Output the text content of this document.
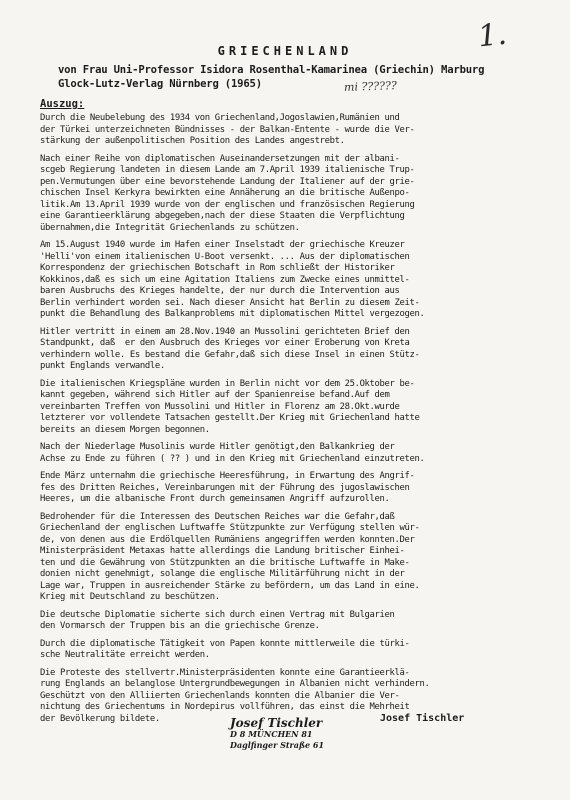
1.
GRIECHENLAND
von Frau Uni-Professor Isidora Rosenthal-Kamarinea (Griechin) Marburg
Glock-Lutz-Verlag Nürnberg (1965)	mi ??????
Auszug:

Durch die Neubelebung des 1934 von Griechenland,Jogoslawien,Rumänien und
der Türkei unterzeichneten Bündnisses - der Balkan-Entente - wurde die Ver-
stärkung der außenpolitischen Position des Landes angestrebt.

Nach einer Reihe von diplomatischen Auseinandersetzungen mit der albani-
scgeb Regierung landeten in diesem Lande am 7.April 1939 italienische Trup-
pen.Vermutungen über eine bevorstehende Landung der Italiener auf der grie-
chischen Insel Kerkyra bewirkten eine Annäherung an die britische Außenpo-
litik.Am 13.April 1939 wurde von der englischen und französischen Regierung
eine Garantieerklärung abgegeben,nach der diese Staaten die Verpflichtung
übernahmen,die Integrität Griechenlands zu schützen.

Am 15.August 1940 wurde im Hafen einer Inselstadt der griechische Kreuzer
'Helli'von einem italienischen U-Boot versenkt. ... Aus der diplomatischen
Korrespondenz der griechischen Botschaft in Rom schließt der Historiker
Kokkinos,daß es sich um eine Agitation Italiens zum Zwecke eines unmittel-
baren Ausbruchs des Krieges handelte, der nur durch die Intervention aus
Berlin verhindert worden sei. Nach dieser Ansicht hat Berlin zu diesem Zeit-
punkt die Behandlung des Balkanproblems mit diplomatischen Mittel vergezogen.

Hitler vertritt in einem am 28.Nov.1940 an Mussolini gerichteten Brief den
Standpunkt, daß  er den Ausbruch des Krieges vor einer Eroberung von Kreta
verhindern wolle. Es bestand die Gefahr,daß sich diese Insel in einen Stütz-
punkt Englands verwandle.

Die italienischen Kriegspläne wurden in Berlin nicht vor dem 25.Oktober be-
kannt gegeben, während sich Hitler auf der Spanienreise befand.Auf dem
vereinbarten Treffen von Mussolini und Hitler in Florenz am 28.Okt.wurde
letzterer vor vollendete Tatsachen gestellt.Der Krieg mit Griechenland hatte
bereits an diesem Morgen begonnen.

Nach der Niederlage Musolinis wurde Hitler genötigt,den Balkankrieg der
Achse zu Ende zu führen ( ?? ) und in den Krieg mit Griechenland einzutreten.

Ende März unternahm die griechische Heeresführung, in Erwartung des Angrif-
fes des Dritten Reiches, Vereinbarungen mit der Führung des jugoslawischen
Heeres, um die albanische Front durch gemeinsamen Angriff aufzurollen.

Bedrohender für die Interessen des Deutschen Reiches war die Gefahr,daß
Griechenland der englischen Luftwaffe Stützpunkte zur Verfügung stellen wür-
de, von denen aus die Erdölquellen Rumäniens angegriffen werden konnten.Der
Ministerpräsident Metaxas hatte allerdings die Landung britischer Einhei-
ten und die Gewährung von Stützpunkten an die britische Luftwaffe in Make-
donien nicht genehmigt, solange die englische Militärführung nicht in der
Lage war, Truppen in ausreichender Stärke zu befördern, um das Land in eine.
Krieg mit Deutschland zu beschützen.

Die deutsche Diplomatie sicherte sich durch einen Vertrag mit Bulgarien
den Vormarsch der Truppen bis an die griechische Grenze.

Durch die diplomatische Tätigkeit von Papen konnte mittlerweile die türki-
sche Neutralitäte erreicht werden.

Die Proteste des stellvertr.Ministerpräsidenten konnte eine Garantieerklä-
rung Englands an belanglose Untergrundbewegungen in Albanien nicht verhindern.
Geschützt von den Alliierten Griechenlands konnten die Albanier die Ver-
nichtung des Griechentums in Nordepirus vollführen, das einst die Mehrheit
der Bevölkerung bildete.	Josef Tischler
Josef Tischler
D 8 MÜNCHEN 81
Daglfinger Straße 61
